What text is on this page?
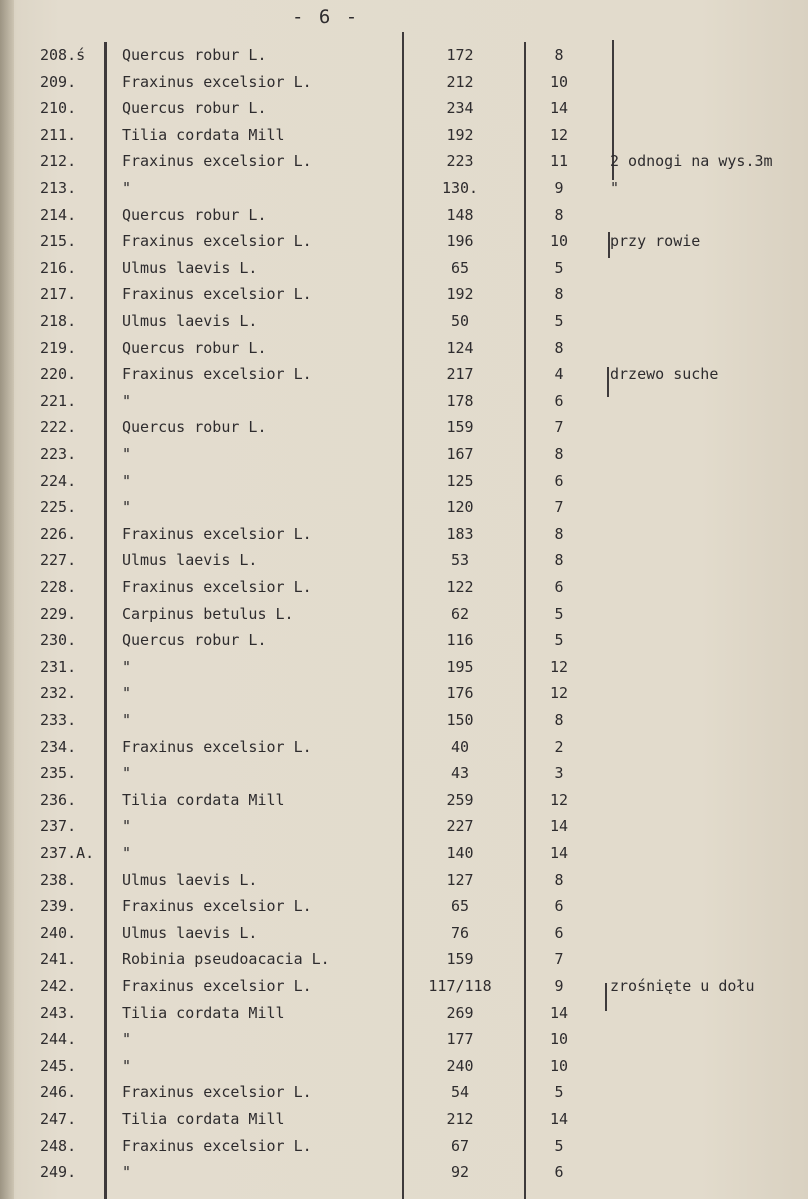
- 6 -
208.ś Quercus robur L.	172	8
209.	Fraxinus excelsior L.	212	10
210.	Quercus robur L.	234	14
211.	Tilia cordata Mill	192	12
212.	Fraxinus excelsior L.	223	11	2 odnogi na wys.3m
213.	"	130.	9	"
214.	Quercus robur L.	148	8
215.	Fraxinus excelsior L.	196	10	przy rowie
216.	Ulmus laevis L.	65	5
217.	Fraxinus excelsior L.	192	8
218.	Ulmus laevis L.	50	5
219.	Quercus robur L.	124	8
220.	Fraxinus excelsior L.	217	4	drzewo suche
221.	"	178	6
222.	Quercus robur L.	159	7
223.	"	167	8
224.	"	125	6
225.	"	120	7
226.	Fraxinus excelsior L.	183	8
227.	Ulmus laevis L.	53	8
228.	Fraxinus excelsior L.	122	6
229.	Carpinus betulus L.	62	5
230.	Quercus robur L.	116	5
231.	"	195	12
232.	"	176	12
233.	"	150	8
234.	Fraxinus excelsior L.	40	2
235.	"	43	3
236.	Tilia cordata Mill	259	12
237.	"	227	14
237.A. "	140	14
238.	Ulmus laevis L.	127	8
239.	Fraxinus excelsior L.	65	6
240.	Ulmus laevis L.	76	6
241.	Robinia pseudoacacia L.	159	7
242.	Fraxinus excelsior L.	117/118	9	zrośnięte u dołu
243.	Tilia cordata Mill	269	14
244.	"	177	10
245.	"	240	10
246.	Fraxinus excelsior L.	54	5
247.	Tilia cordata Mill	212	14
248.	Fraxinus excelsior L.	67	5
249.	"	92	6
